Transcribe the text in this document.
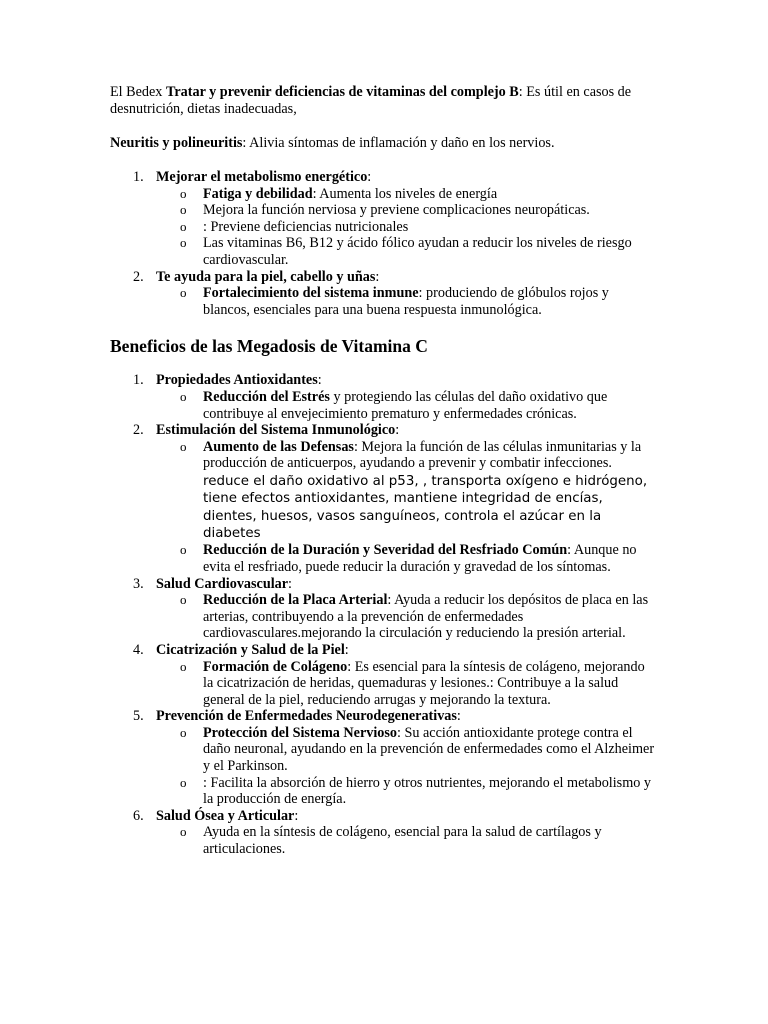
El Bedex Tratar y prevenir deficiencias de vitaminas del complejo B: Es útil en casos de desnutrición, dietas inadecuadas,

Neuritis y polineuritis: Alivia síntomas de inflamación y daño en los nervios.

1. Mejorar el metabolismo energético:
o Fatiga y debilidad: Aumenta los niveles de energía
o Mejora la función nerviosa y previene complicaciones neuropáticas.
o : Previene deficiencias nutricionales
o Las vitaminas B6, B12 y ácido fólico ayudan a reducir los niveles de riesgo cardiovascular.
2. Te ayuda para la piel, cabello y uñas:
o Fortalecimiento del sistema inmune: produciendo de glóbulos rojos y blancos, esenciales para una buena respuesta inmunológica.
Beneficios de las Megadosis de Vitamina C
1. Propiedades Antioxidantes:
o Reducción del Estrés y protegiendo las células del daño oxidativo que contribuye al envejecimiento prematuro y enfermedades crónicas.
2. Estimulación del Sistema Inmunológico:
o Aumento de las Defensas: Mejora la función de las células inmunitarias y la producción de anticuerpos, ayudando a prevenir y combatir infecciones. reduce el daño oxidativo al p53, , transporta oxígeno e hidrógeno, tiene efectos antioxidantes, mantiene integridad de encías, dientes, huesos, vasos sanguíneos, controla el azúcar en la diabetes
o Reducción de la Duración y Severidad del Resfriado Común: Aunque no evita el resfriado, puede reducir la duración y gravedad de los síntomas.
3. Salud Cardiovascular:
o Reducción de la Placa Arterial: Ayuda a reducir los depósitos de placa en las arterias, contribuyendo a la prevención de enfermedades cardiovasculares.mejorando la circulación y reduciendo la presión arterial.
4. Cicatrización y Salud de la Piel:
o Formación de Colágeno: Es esencial para la síntesis de colágeno, mejorando la cicatrización de heridas, quemaduras y lesiones.: Contribuye a la salud general de la piel, reduciendo arrugas y mejorando la textura.
5. Prevención de Enfermedades Neurodegenerativas:
o Protección del Sistema Nervioso: Su acción antioxidante protege contra el daño neuronal, ayudando en la prevención de enfermedades como el Alzheimer y el Parkinson.
o : Facilita la absorción de hierro y otros nutrientes, mejorando el metabolismo y la producción de energía.
6. Salud Ósea y Articular:
o Ayuda en la síntesis de colágeno, esencial para la salud de cartílagos y articulaciones.
